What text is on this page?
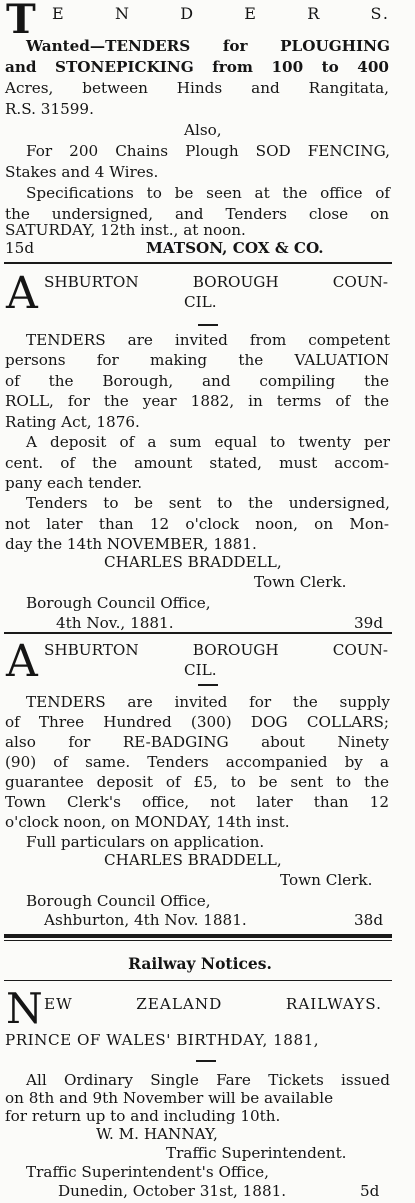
T E N D E R S.
Wanted—TENDERS for PLOUGHING
and STONEPICKING from 100 to 400
Acres, between Hinds and Rangitata,
R.S. 31599.
Also,
For 200 Chains Plough SOD FENCING,
Stakes and 4 Wires.
Specifications to be seen at the office of
the undersigned, and Tenders close on
SATURDAY, 12th inst., at noon.
15d	MATSON, COX & CO.
A SHBURTON BOROUGH COUN-
CIL.
TENDERS are invited from competent
persons for making the VALUATION
of the Borough, and compiling the
ROLL, for the year 1882, in terms of the
Rating Act, 1876.
A deposit of a sum equal to twenty per
cent. of the amount stated, must accom-
pany each tender.
Tenders to be sent to the undersigned,
not later than 12 o'clock noon, on Mon-
day the 14th NOVEMBER, 1881.
CHARLES BRADDELL,
Town Clerk.
Borough Council Office,
4th Nov., 1881.	39d
A SHBURTON BOROUGH COUN-
CIL.
TENDERS are invited for the supply
of Three Hundred (300) DOG COLLARS;
also for RE-BADGING about Ninety
(90) of same. Tenders accompanied by a
guarantee deposit of £5, to be sent to the
Town Clerk's office, not later than 12
o'clock noon, on MONDAY, 14th inst.
Full particulars on application.
CHARLES BRADDELL,
Town Clerk.
Borough Council Office,
Ashburton, 4th Nov. 1881.	38d
Railway Notices.
N EW ZEALAND RAILWAYS.
PRINCE OF WALES' BIRTHDAY, 1881,
All Ordinary Single Fare Tickets issued
on 8th and 9th November will be available
for return up to and including 10th.
W. M. HANNAY,
Traffic Superintendent.
Traffic Superintendent's Office,
Dunedin, October 31st, 1881.	5d
